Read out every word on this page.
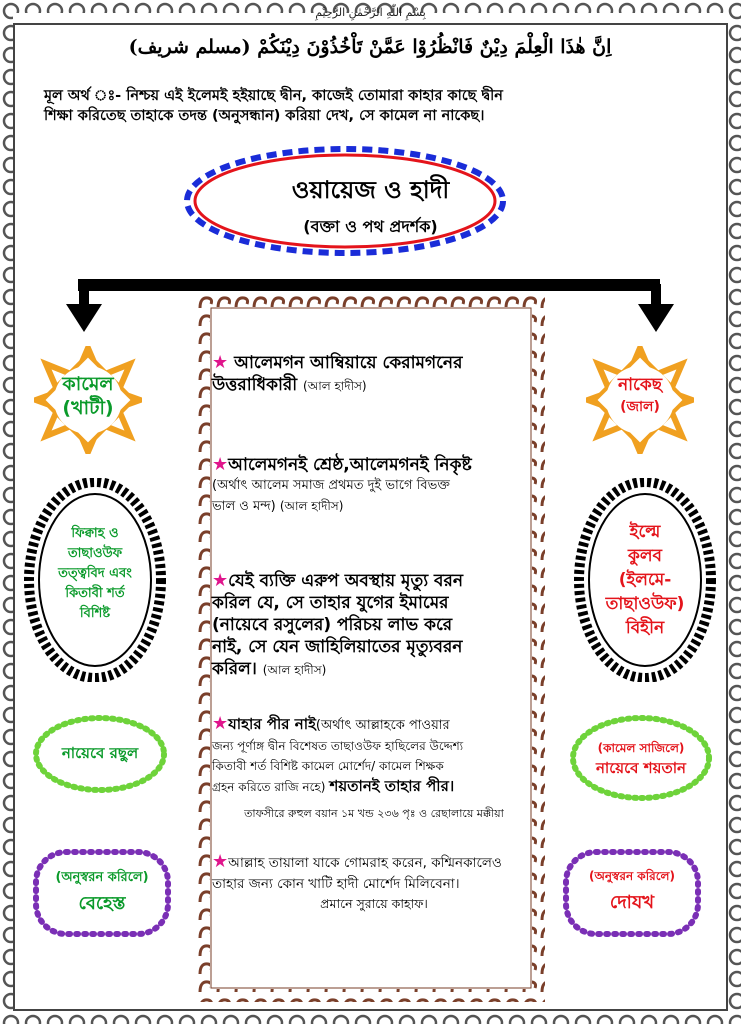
بِسْمِ اللّٰهِ الرَّحْمٰنِ الرَّحِيْمِ
اِنَّ هٰذَا الْعِلْمَ دِيْنٌ فَانْظُرُوْا عَمَّنْ تَاْخُذُوْنَ دِيْنَكُمْ (مسلم شريف)
মূল অর্থ ঃ- নিশ্চয় এই ইলেমই হইয়াছে দ্বীন, কাজেই তোমারা কাহার কাছে দ্বীন
শিক্ষা করিতেছ তাহাকে তদন্ত (অনুসন্ধান) করিয়া দেখ, সে কামেল না নাকেছ।
ওয়ায়েজ ও হাদী
(বক্তা ও পথ প্রদর্শক)
কামেল
(খাটী)
ফিক্বাহ ও
তাছাওউফ
তত্ত্ববিদ এবং
কিতাবী শর্ত
বিশিষ্ট
নায়েবে রছুল
(অনুস্বরন করিলে)
বেহেস্ত
নাকেছ
(জাল)
ইল্মে
কুলব
(ইলমে-
তাছাওউফ)
বিহীন
(কামেল সাজিলে)
নায়েবে শয়তান
(অনুস্বরন করিলে)
দোযখ
★ আলেমগন আম্বিয়ায়ে কেরামগনের
উত্তরাধিকারী (আল হাদীস)
★আলেমগনই শ্রেষ্ঠ,আলেমগনই নিকৃষ্ট
(অর্থাৎ আলেম সমাজ প্রথমত দুই ভাগে বিভক্ত
ভাল ও মন্দ) (আল হাদীস)
★যেই ব্যক্তি এরুপ অবস্থায় মৃত্যু বরন
করিল যে, সে তাহার যুগের ইমামের
(নায়েবে রসুলের) পরিচয় লাভ করে
নাই, সে যেন জাহিলিয়াতের মৃত্যুবরন
করিল। (আল হাদীস)
★যাহার পীর নাই(অর্থাৎ আল্লাহকে পাওয়ার
জন্য পূর্ণাঙ্গ দ্বীন বিশেষত তাছাওউফ হাছিলের উদ্দেশ্য
কিতাবী শর্ত বিশিষ্ট কামেল মোর্শেদ/ কামেল শিক্ষক
গ্রহন করিতে রাজি নহে) শয়তানই তাহার পীর।
তাফসীরে রুহুল বয়ান ১ম খন্ড ২৩৬ পৃঃ ও রেছালায়ে মক্কীয়া
★আল্লাহ তায়ালা যাকে গোমরাহ করেন, কশ্মিনকালেও
তাহার জন্য কোন খাটি হাদী মোর্শেদ মিলিবেনা।
প্রমানে সুরায়ে কাহাফ।
